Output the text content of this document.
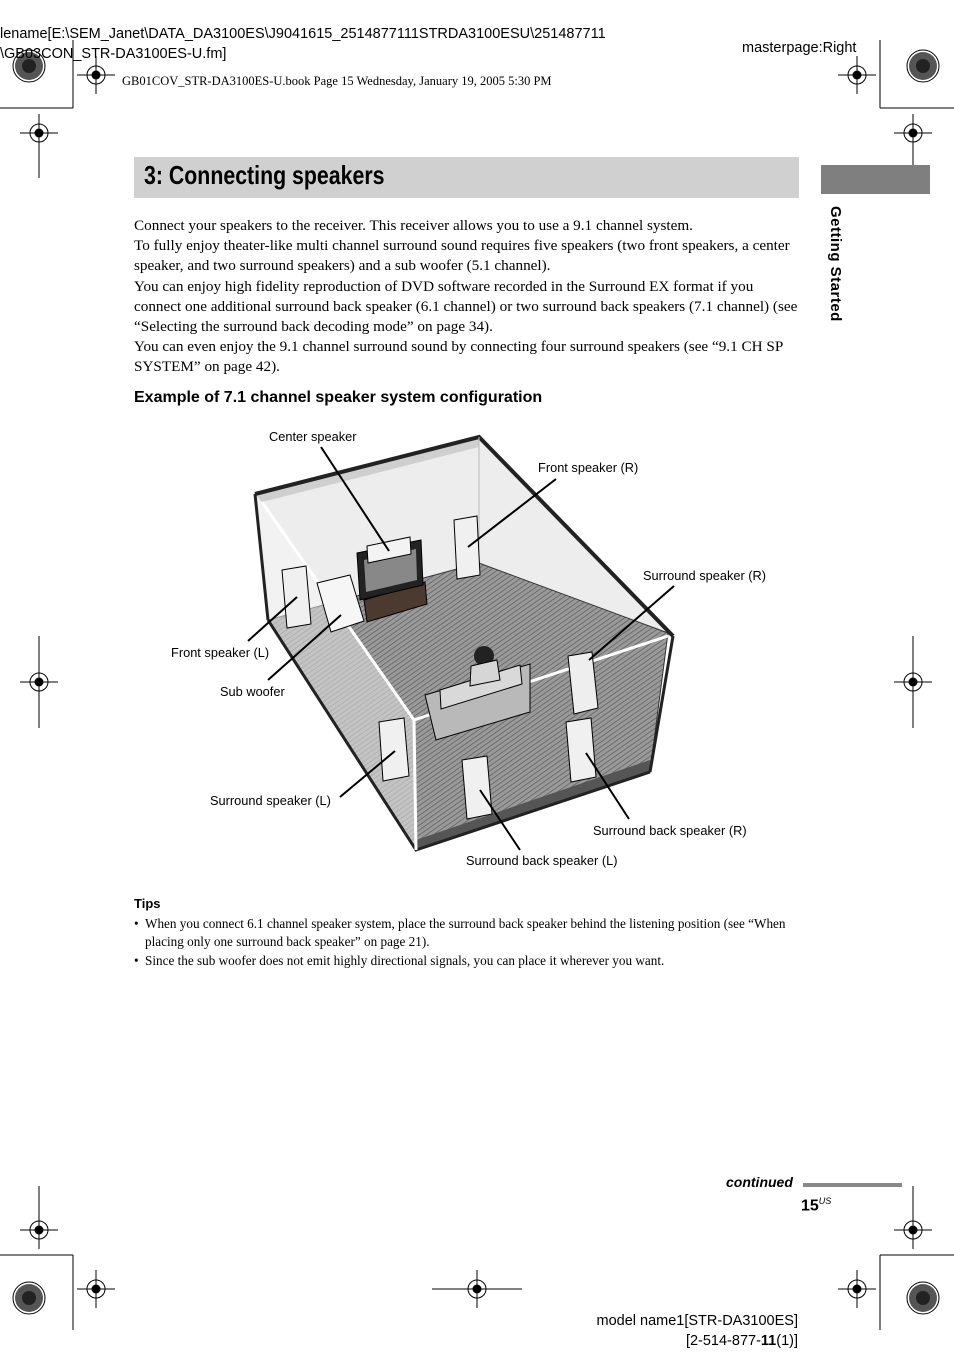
lename[E:\SEM_Janet\DATA_DA3100ES\J9041615_2514877111STRDA3100ESU\251487711
\GB03CON_STR-DA3100ES-U.fm]	masterpage:Right
GB01COV_STR-DA3100ES-U.book Page 15 Wednesday, January 19, 2005 5:30 PM
Getting Started
3: Connecting speakers

Connect your speakers to the receiver. This receiver allows you to use a 9.1 channel system.

To fully enjoy theater-like multi channel surround sound requires five speakers (two front speakers, a center speaker, and two surround speakers) and a sub woofer (5.1 channel).

You can enjoy high fidelity reproduction of DVD software recorded in the Surround EX format if you connect one additional surround back speaker (6.1 channel) or two surround back speakers (7.1 channel) (see “Selecting the surround back decoding mode” on page 34).

You can even enjoy the 9.1 channel surround sound by connecting four surround speakers (see “9.1 CH SP SYSTEM” on page 42).

Example of 7.1 channel speaker system configuration
Center speaker
Front speaker (R)
Surround speaker (R)
Front speaker (L)
Sub woofer
Surround speaker (L)
Surround back speaker (R)
Surround back speaker (L)
Tips
• When you connect 6.1 channel speaker system, place the surround back speaker behind the listening position (see “When placing only one surround back speaker” on page 21).
• Since the sub woofer does not emit highly directional signals, you can place it wherever you want.
continued
$15^{US}$
model name1[STR-DA3100ES]
[2-514-877-11(1)]
